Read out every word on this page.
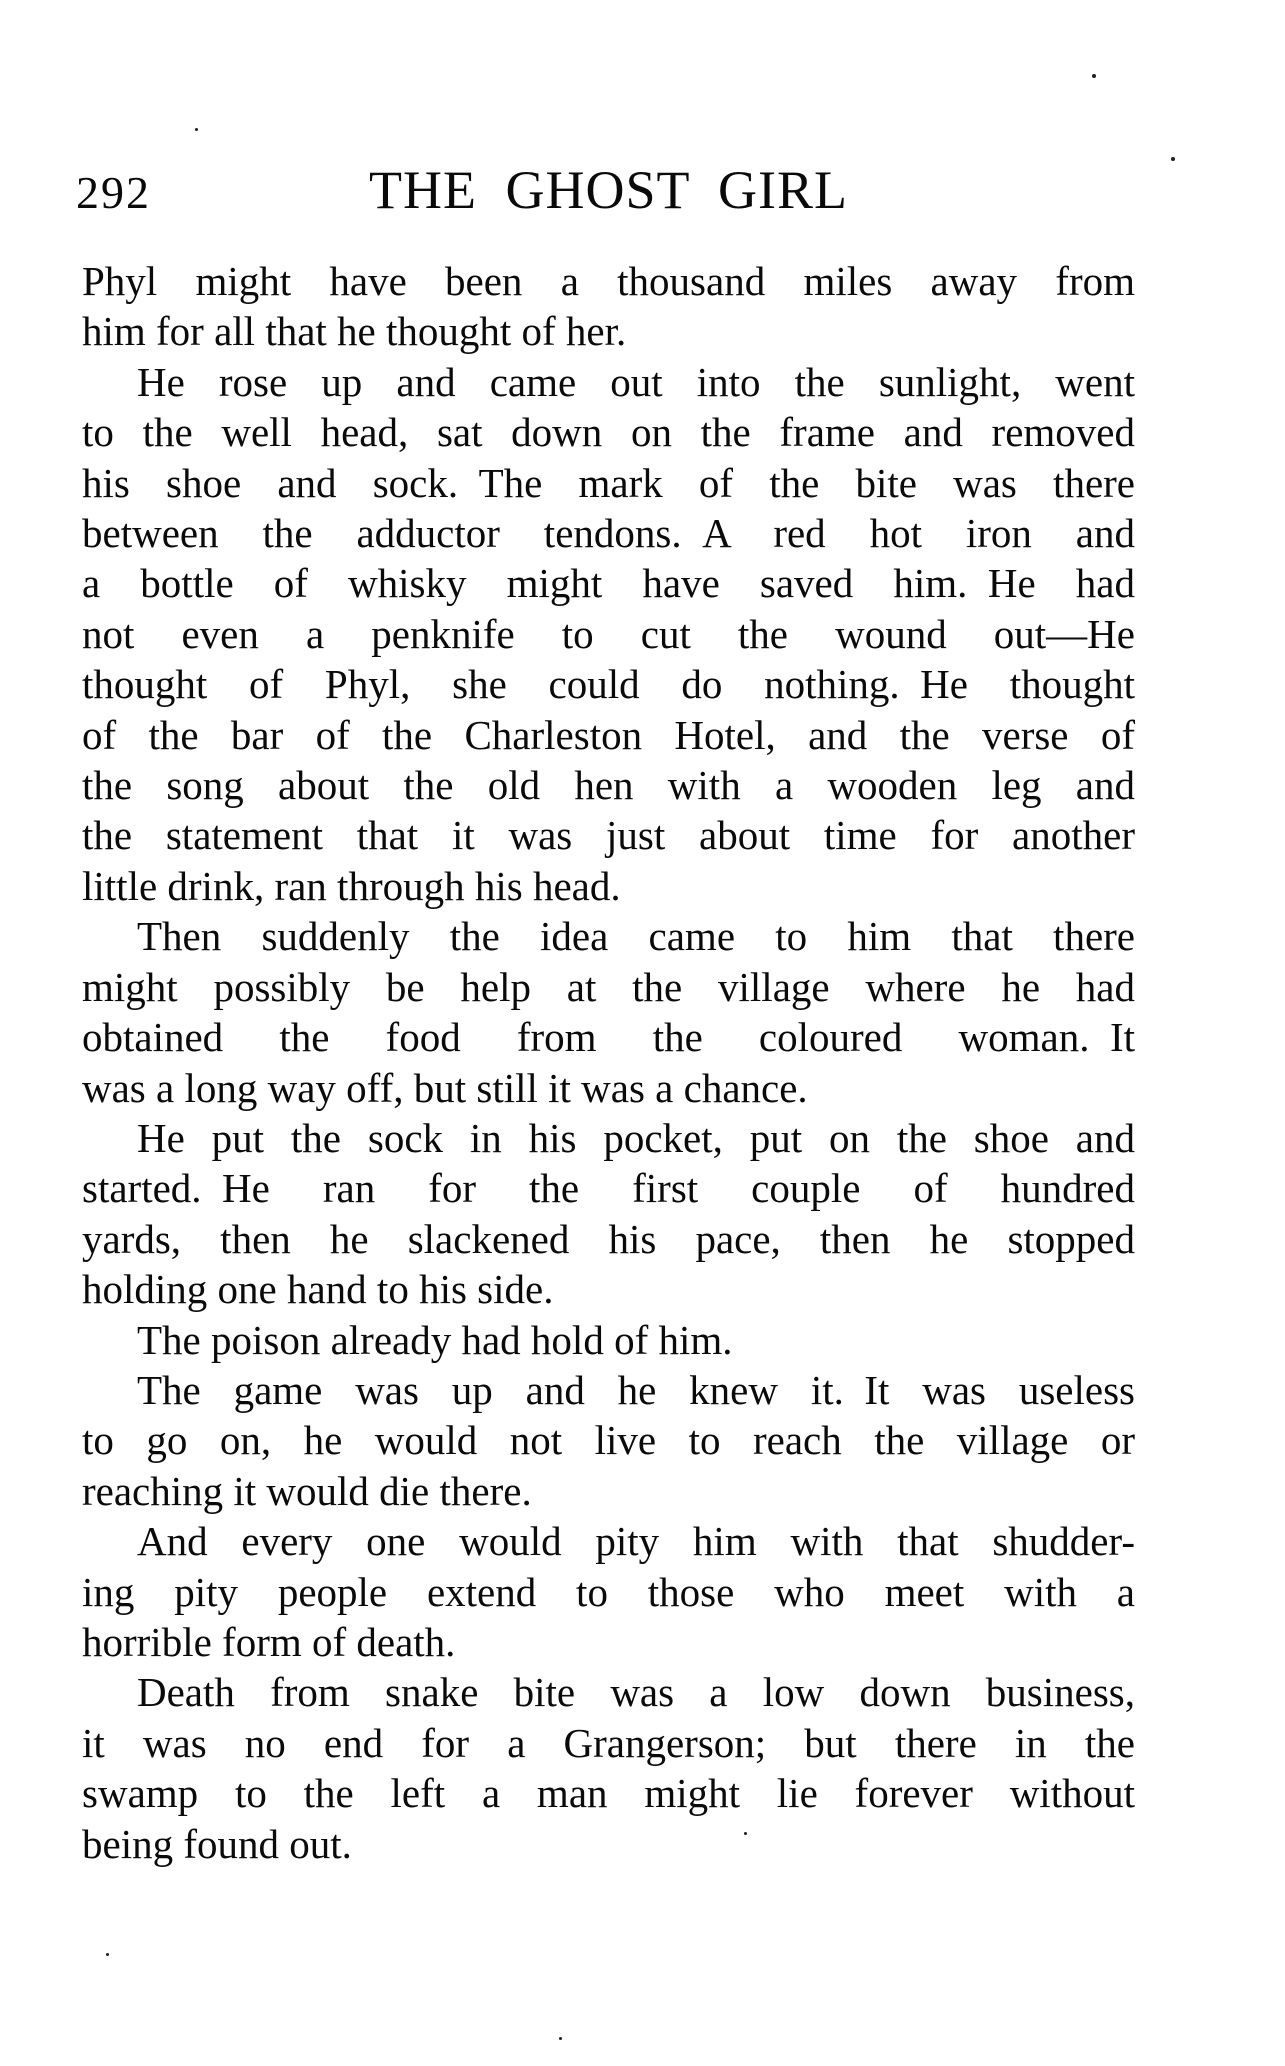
292	THE GHOST GIRL

Phyl might have been a thousand miles away from
him for all that he thought of her.

He rose up and came out into the sunlight, went
to the well head, sat down on the frame and removed
his shoe and sock. The mark of the bite was there
between the adductor tendons. A red hot iron and
a bottle of whisky might have saved him. He had
not even a penknife to cut the wound out—He
thought of Phyl, she could do nothing. He thought
of the bar of the Charleston Hotel, and the verse of
the song about the old hen with a wooden leg and
the statement that it was just about time for another
little drink, ran through his head.

Then suddenly the idea came to him that there
might possibly be help at the village where he had
obtained the food from the coloured woman. It
was a long way off, but still it was a chance.

He put the sock in his pocket, put on the shoe and
started. He ran for the first couple of hundred
yards, then he slackened his pace, then he stopped
holding one hand to his side.

The poison already had hold of him.

The game was up and he knew it. It was useless
to go on, he would not live to reach the village or
reaching it would die there.

And every one would pity him with that shudder-
ing pity people extend to those who meet with a
horrible form of death.

Death from snake bite was a low down business,
it was no end for a Grangerson; but there in the
swamp to the left a man might lie forever without
being found out.
